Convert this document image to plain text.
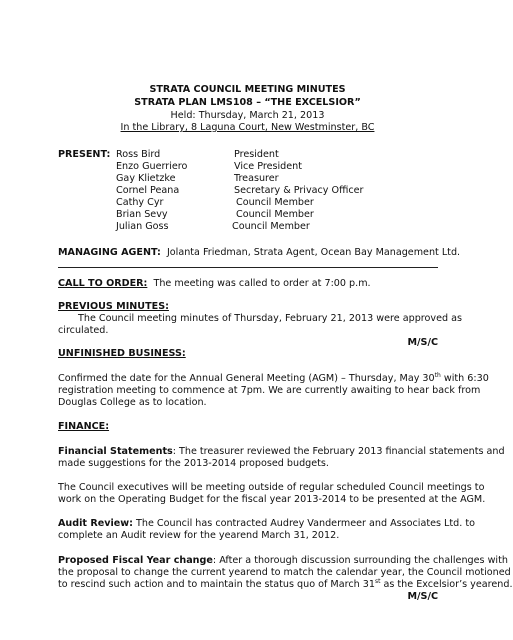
STRATA COUNCIL MEETING MINUTES
STRATA PLAN LMS108 – “THE EXCELSIOR”
Held: Thursday, March 21, 2013
In the Library, 8 Laguna Court, New Westminster, BC
PRESENT: Ross Bird	President
Enzo Guerriero	Vice President
Gay Klietzke	Treasurer
Cornel Peana	Secretary & Privacy Officer
Cathy Cyr	Council Member
Brian Sevy	Council Member
Julian Goss	Council Member
MANAGING AGENT: Jolanta Friedman, Strata Agent, Ocean Bay Management Ltd.
CALL TO ORDER: The meeting was called to order at 7:00 p.m.
PREVIOUS MINUTES:
The Council meeting minutes of Thursday, February 21, 2013 were approved as
circulated.
M/S/C
UNFINISHED BUSINESS:
Confirmed the date for the Annual General Meeting (AGM) – Thursday, May 30th with 6:30
registration meeting to commence at 7pm. We are currently awaiting to hear back from
Douglas College as to location.
FINANCE:
Financial Statements: The treasurer reviewed the February 2013 financial statements and
made suggestions for the 2013-2014 proposed budgets.
The Council executives will be meeting outside of regular scheduled Council meetings to
work on the Operating Budget for the fiscal year 2013-2014 to be presented at the AGM.
Audit Review: The Council has contracted Audrey Vandermeer and Associates Ltd. to
complete an Audit review for the yearend March 31, 2012.
Proposed Fiscal Year change: After a thorough discussion surrounding the challenges with
the proposal to change the current yearend to match the calendar year, the Council motioned
to rescind such action and to maintain the status quo of March 31st as the Excelsior’s yearend.
M/S/C
